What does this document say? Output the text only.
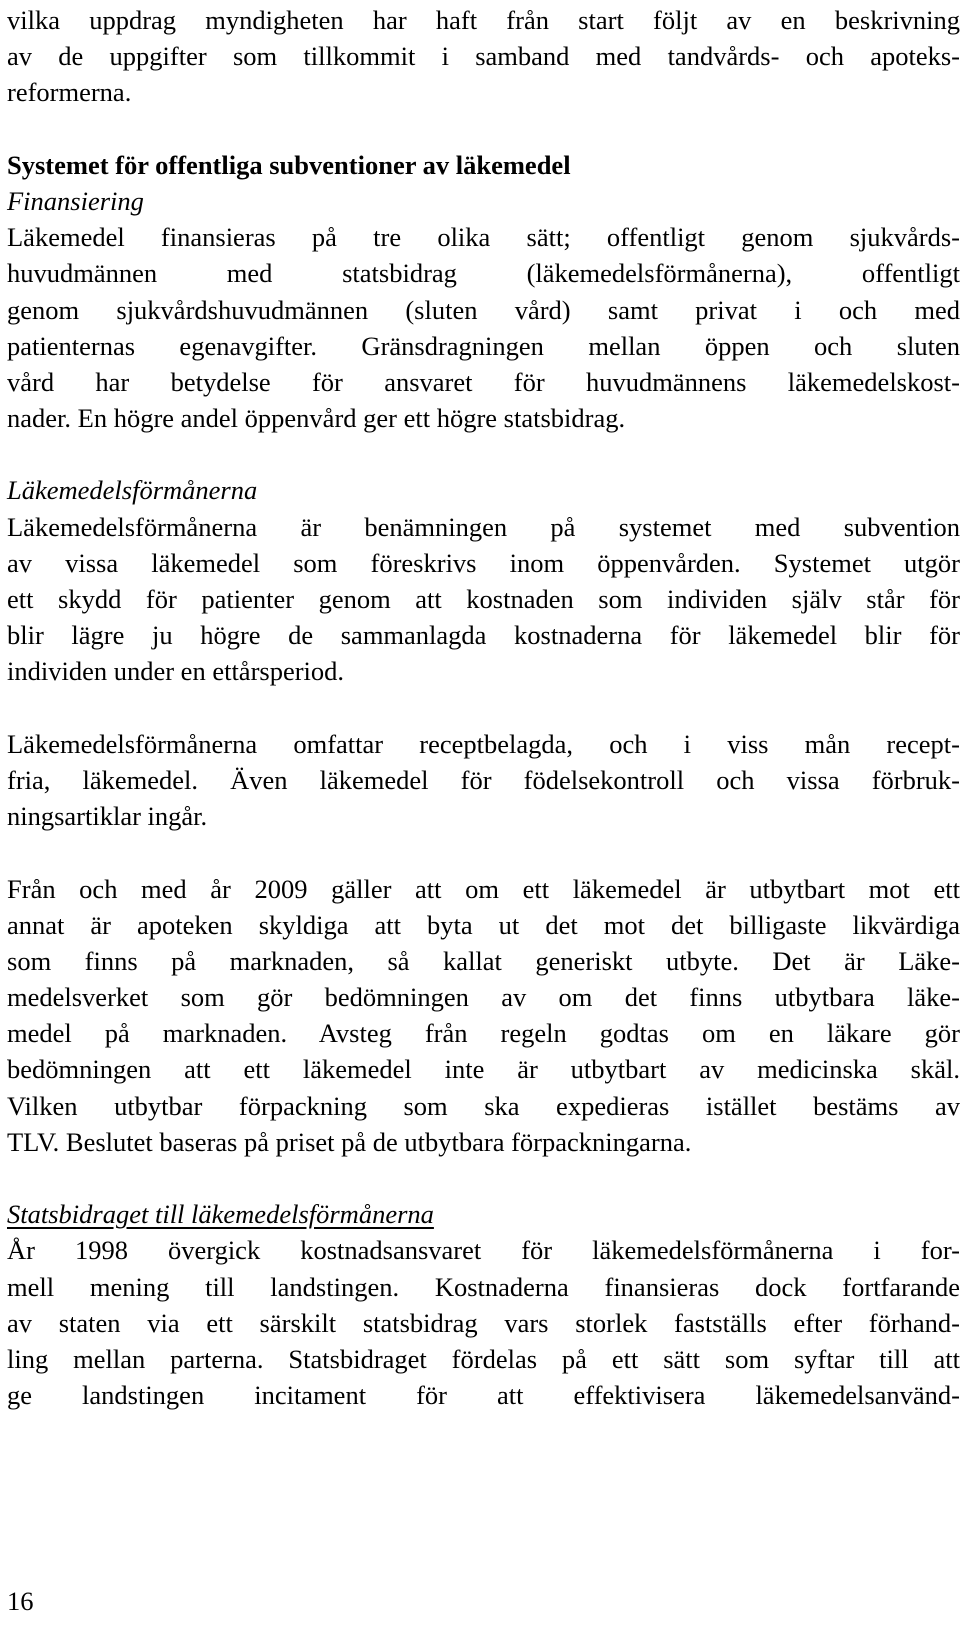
vilka uppdrag myndigheten har haft från start följt av en beskrivning
av de uppgifter som tillkommit i samband med tandvårds- och apoteks-
reformerna.
Systemet för offentliga subventioner av läkemedel
Finansiering
Läkemedel finansieras på tre olika sätt; offentligt genom sjukvårds-
huvudmännen med statsbidrag (läkemedelsförmånerna), offentligt
genom sjukvårdshuvudmännen (sluten vård) samt privat i och med
patienternas egenavgifter. Gränsdragningen mellan öppen och sluten
vård har betydelse för ansvaret för huvudmännens läkemedelskost-
nader. En högre andel öppenvård ger ett högre statsbidrag.
Läkemedelsförmånerna
Läkemedelsförmånerna är benämningen på systemet med subvention
av vissa läkemedel som föreskrivs inom öppenvården. Systemet utgör
ett skydd för patienter genom att kostnaden som individen själv står för
blir lägre ju högre de sammanlagda kostnaderna för läkemedel blir för
individen under en ettårsperiod.
Läkemedelsförmånerna omfattar receptbelagda, och i viss mån recept-
fria, läkemedel. Även läkemedel för födelsekontroll och vissa förbruk-
ningsartiklar ingår.
Från och med år 2009 gäller att om ett läkemedel är utbytbart mot ett
annat är apoteken skyldiga att byta ut det mot det billigaste likvärdiga
som finns på marknaden, så kallat generiskt utbyte. Det är Läke-
medelsverket som gör bedömningen av om det finns utbytbara läke-
medel på marknaden. Avsteg från regeln godtas om en läkare gör
bedömningen att ett läkemedel inte är utbytbart av medicinska skäl.
Vilken utbytbar förpackning som ska expedieras istället bestäms av
TLV. Beslutet baseras på priset på de utbytbara förpackningarna.
Statsbidraget till läkemedelsförmånerna
År 1998 övergick kostnadsansvaret för läkemedelsförmånerna i for-
mell mening till landstingen. Kostnaderna finansieras dock fortfarande
av staten via ett särskilt statsbidrag vars storlek fastställs efter förhand-
ling mellan parterna. Statsbidraget fördelas på ett sätt som syftar till att
ge landstingen incitament för att effektivisera läkemedelsanvänd-
16
